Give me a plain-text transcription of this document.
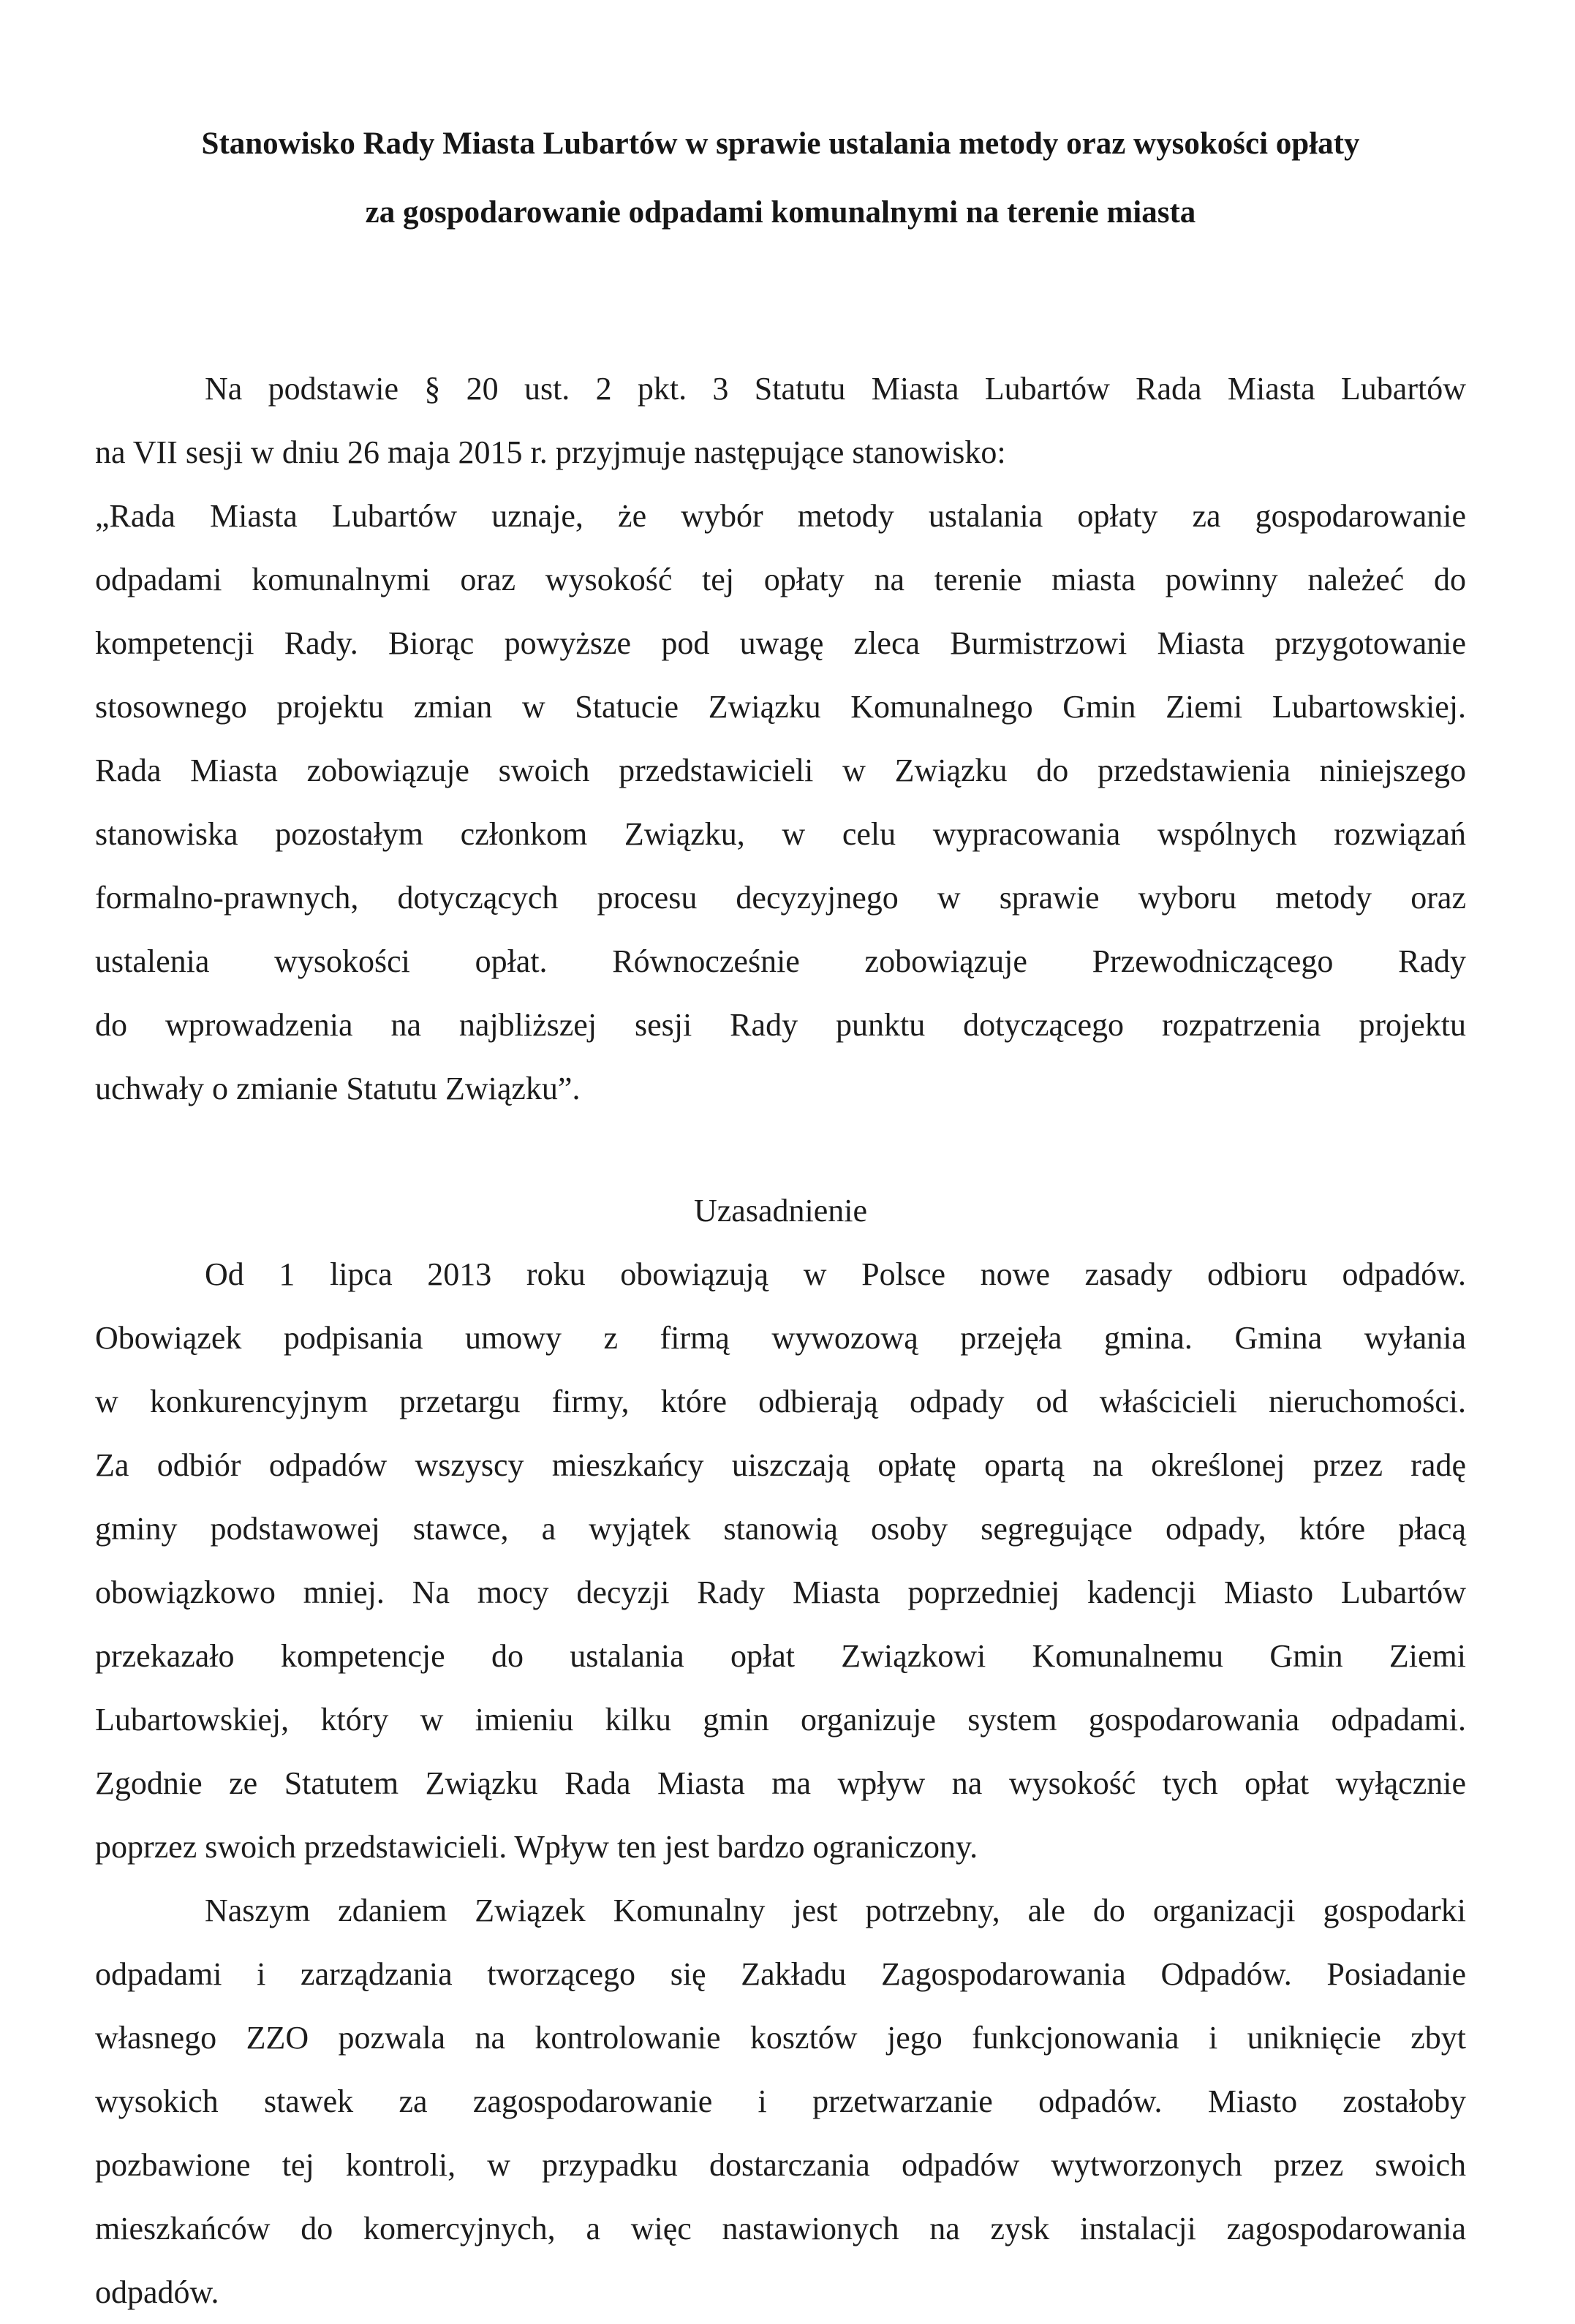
Stanowisko Rady Miasta Lubartów w sprawie ustalania metody oraz wysokości opłaty
za gospodarowanie odpadami komunalnymi na terenie miasta
Na podstawie § 20 ust. 2 pkt. 3 Statutu Miasta Lubartów Rada Miasta Lubartów
na VII sesji w dniu 26 maja 2015 r. przyjmuje następujące stanowisko:
„Rada Miasta Lubartów uznaje, że wybór metody ustalania opłaty za gospodarowanie
odpadami komunalnymi oraz wysokość tej opłaty na terenie miasta powinny należeć do
kompetencji Rady. Biorąc powyższe pod uwagę zleca Burmistrzowi Miasta przygotowanie
stosownego projektu zmian w Statucie Związku Komunalnego Gmin Ziemi Lubartowskiej.
Rada Miasta zobowiązuje swoich przedstawicieli w Związku do przedstawienia niniejszego
stanowiska pozostałym członkom Związku, w celu wypracowania wspólnych rozwiązań
formalno-prawnych, dotyczących procesu decyzyjnego w sprawie wyboru metody oraz
ustalenia wysokości opłat. Równocześnie zobowiązuje Przewodniczącego Rady
do wprowadzenia na najbliższej sesji Rady punktu dotyczącego rozpatrzenia projektu
uchwały o zmianie Statutu Związku”.
Uzasadnienie
Od 1 lipca 2013 roku obowiązują w Polsce nowe zasady odbioru odpadów.
Obowiązek podpisania umowy z firmą wywozową przejęła gmina. Gmina wyłania
w konkurencyjnym przetargu firmy, które odbierają odpady od właścicieli nieruchomości.
Za odbiór odpadów wszyscy mieszkańcy uiszczają opłatę opartą na określonej przez radę
gminy podstawowej stawce, a wyjątek stanowią osoby segregujące odpady, które płacą
obowiązkowo mniej. Na mocy decyzji Rady Miasta poprzedniej kadencji Miasto Lubartów
przekazało kompetencje do ustalania opłat Związkowi Komunalnemu Gmin Ziemi
Lubartowskiej, który w imieniu kilku gmin organizuje system gospodarowania odpadami.
Zgodnie ze Statutem Związku Rada Miasta ma wpływ na wysokość tych opłat wyłącznie
poprzez swoich przedstawicieli. Wpływ ten jest bardzo ograniczony.
Naszym zdaniem Związek Komunalny jest potrzebny, ale do organizacji gospodarki
odpadami i zarządzania tworzącego się Zakładu Zagospodarowania Odpadów. Posiadanie
własnego ZZO pozwala na kontrolowanie kosztów jego funkcjonowania i uniknięcie zbyt
wysokich stawek za zagospodarowanie i przetwarzanie odpadów. Miasto zostałoby
pozbawione tej kontroli, w przypadku dostarczania odpadów wytworzonych przez swoich
mieszkańców do komercyjnych, a więc nastawionych na zysk instalacji zagospodarowania
odpadów.
